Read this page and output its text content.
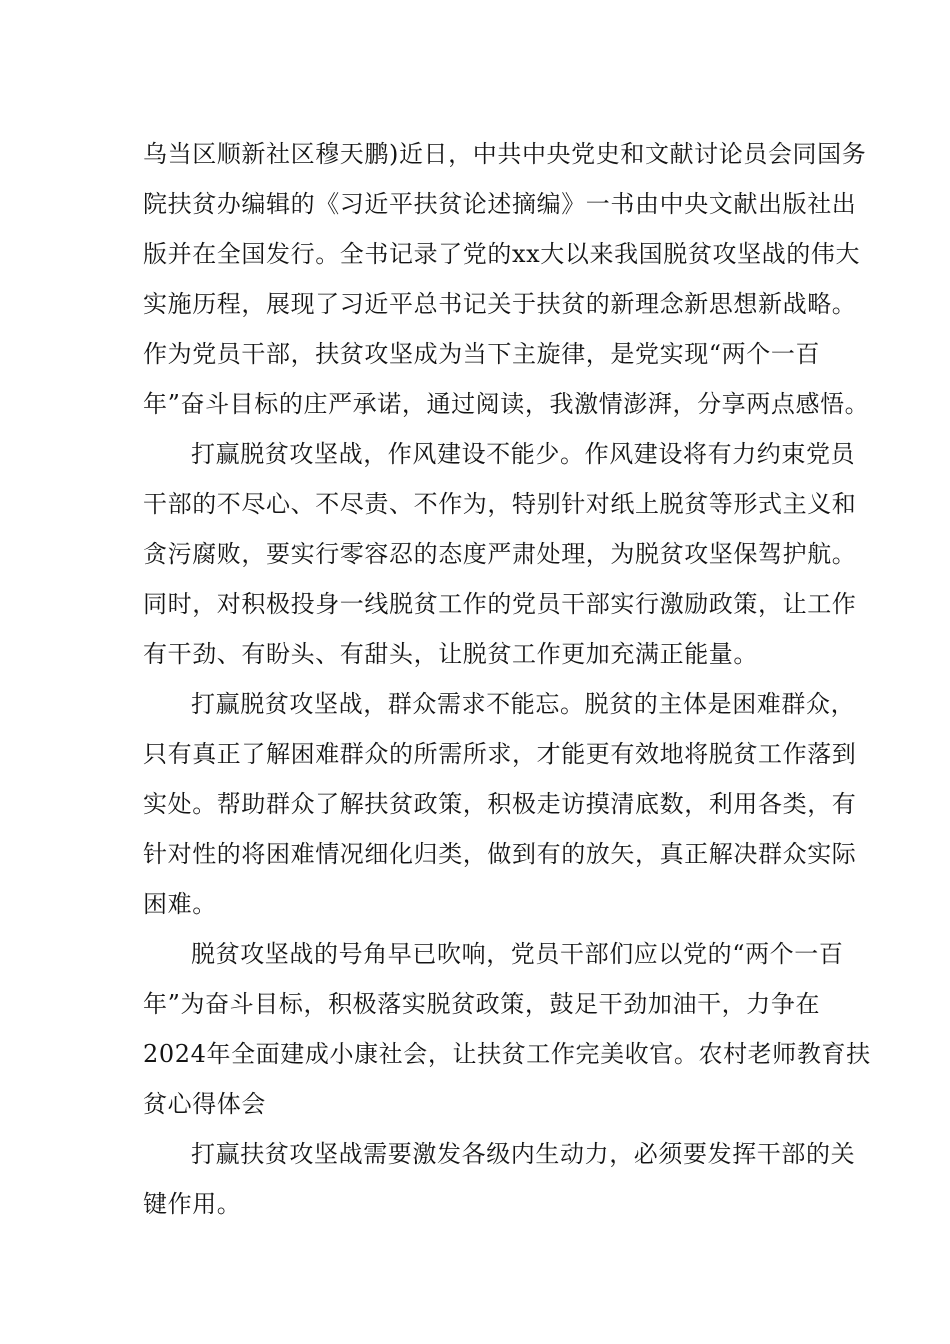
乌当区顺新社区穆天鹏)近日，中共中央党史和文献讨论员会同国务
院扶贫办编辑的《习近平扶贫论述摘编》一书由中央文献出版社出
版并在全国发行。全书记录了党的xx大以来我国脱贫攻坚战的伟大
实施历程，展现了习近平总书记关于扶贫的新理念新思想新战略。
作为党员干部，扶贫攻坚成为当下主旋律，是党实现“两个一百
年”奋斗目标的庄严承诺，通过阅读，我激情澎湃，分享两点感悟。
打赢脱贫攻坚战，作风建设不能少。作风建设将有力约束党员
干部的不尽心、不尽责、不作为，特别针对纸上脱贫等形式主义和
贪污腐败，要实行零容忍的态度严肃处理，为脱贫攻坚保驾护航。
同时，对积极投身一线脱贫工作的党员干部实行激励政策，让工作
有干劲、有盼头、有甜头，让脱贫工作更加充满正能量。
打赢脱贫攻坚战，群众需求不能忘。脱贫的主体是困难群众，
只有真正了解困难群众的所需所求，才能更有效地将脱贫工作落到
实处。帮助群众了解扶贫政策，积极走访摸清底数，利用各类，有
针对性的将困难情况细化归类，做到有的放矢，真正解决群众实际
困难。
脱贫攻坚战的号角早已吹响，党员干部们应以党的“两个一百
年”为奋斗目标，积极落实脱贫政策，鼓足干劲加油干，力争在
2024年全面建成小康社会，让扶贫工作完美收官。农村老师教育扶
贫心得体会
打赢扶贫攻坚战需要激发各级内生动力，必须要发挥干部的关
键作用。
